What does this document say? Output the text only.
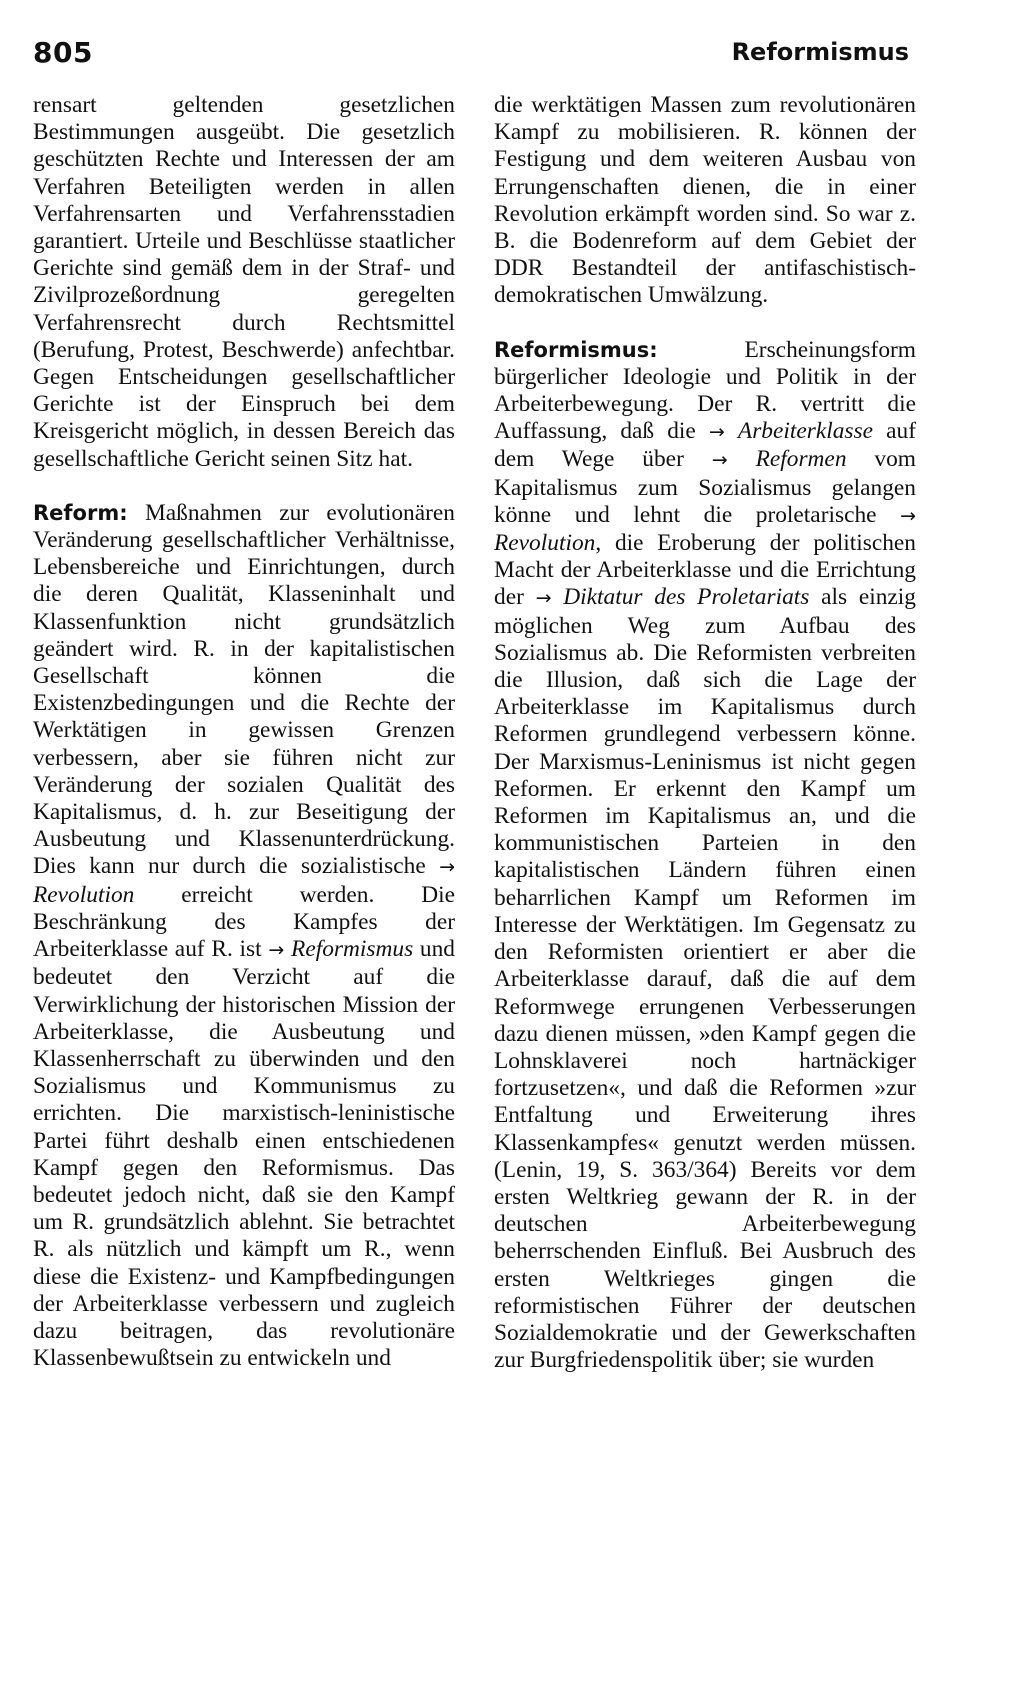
805	Reformismus

rensart geltenden gesetzlichen Bestimmungen ausgeübt. Die gesetzlich geschützten Rechte und Interessen der am Verfahren Beteiligten werden in allen Verfahrensarten und Verfahrensstadien garantiert. Urteile und Beschlüsse staatlicher Gerichte sind gemäß dem in der Straf- und Zivilprozeßordnung geregelten Verfahrensrecht durch Rechtsmittel (Berufung, Protest, Beschwerde) anfechtbar. Gegen Entscheidungen gesellschaftlicher Gerichte ist der Einspruch bei dem Kreisgericht möglich, in dessen Bereich das gesellschaftliche Gericht seinen Sitz hat.

Reform: Maßnahmen zur evolutionären Veränderung gesellschaftlicher Verhältnisse, Lebensbereiche und Einrichtungen, durch die deren Qualität, Klasseninhalt und Klassenfunktion nicht grundsätzlich geändert wird. R. in der kapitalistischen Gesellschaft können die Existenzbedingungen und die Rechte der Werktätigen in gewissen Grenzen verbessern, aber sie führen nicht zur Veränderung der sozialen Qualität des Kapitalismus, d. h. zur Beseitigung der Ausbeutung und Klassenunterdrückung. Dies kann nur durch die sozialistische → Revolution erreicht werden. Die Beschränkung des Kampfes der Arbeiterklasse auf R. ist → Reformismus und bedeutet den Verzicht auf die Verwirklichung der historischen Mission der Arbeiterklasse, die Ausbeutung und Klassenherrschaft zu überwinden und den Sozialismus und Kommunismus zu errichten. Die marxistisch-leninistische Partei führt deshalb einen entschiedenen Kampf gegen den Reformismus. Das bedeutet jedoch nicht, daß sie den Kampf um R. grundsätzlich ablehnt. Sie betrachtet R. als nützlich und kämpft um R., wenn diese die Existenz- und Kampfbedingungen der Arbeiterklasse verbessern und zugleich dazu beitragen, das revolutionäre Klassenbewußtsein zu entwickeln und

die werktätigen Massen zum revolutionären Kampf zu mobilisieren. R. können der Festigung und dem weiteren Ausbau von Errungenschaften dienen, die in einer Revolution erkämpft worden sind. So war z. B. die Bodenreform auf dem Gebiet der DDR Bestandteil der antifaschistisch-demokratischen Umwälzung.

Reformismus: Erscheinungsform bürgerlicher Ideologie und Politik in der Arbeiterbewegung. Der R. vertritt die Auffassung, daß die → Arbeiterklasse auf dem Wege über → Reformen vom Kapitalismus zum Sozialismus gelangen könne und lehnt die proletarische → Revolution, die Eroberung der politischen Macht der Arbeiterklasse und die Errichtung der → Diktatur des Proletariats als einzig möglichen Weg zum Aufbau des Sozialismus ab. Die Reformisten verbreiten die Illusion, daß sich die Lage der Arbeiterklasse im Kapitalismus durch Reformen grundlegend verbessern könne. Der Marxismus-Leninismus ist nicht gegen Reformen. Er erkennt den Kampf um Reformen im Kapitalismus an, und die kommunistischen Parteien in den kapitalistischen Ländern führen einen beharrlichen Kampf um Reformen im Interesse der Werktätigen. Im Gegensatz zu den Reformisten orientiert er aber die Arbeiterklasse darauf, daß die auf dem Reformwege errungenen Verbesserungen dazu dienen müssen, »den Kampf gegen die Lohnsklaverei noch hartnäckiger fortzusetzen«, und daß die Reformen »zur Entfaltung und Erweiterung ihres Klassenkampfes« genutzt werden müssen. (Lenin, 19, S. 363/364) Bereits vor dem ersten Weltkrieg gewann der R. in der deutschen Arbeiterbewegung beherrschenden Einfluß. Bei Ausbruch des ersten Weltkrieges gingen die reformistischen Führer der deutschen Sozialdemokratie und der Gewerkschaften zur Burgfriedenspolitik über; sie wurden
